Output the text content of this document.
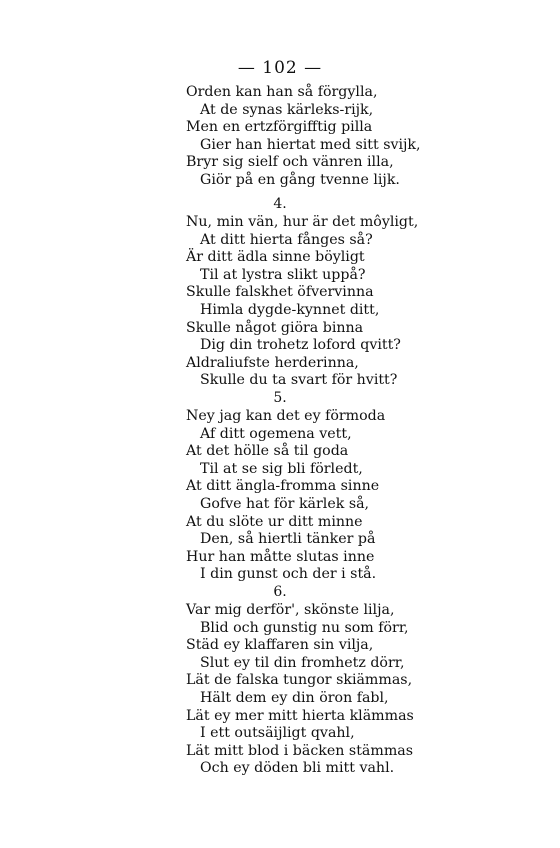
— 102 —
Orden kan han så förgylla,
At de synas kärleks-rijk,
Men en ertzförgifftig pilla
Gier han hiertat med sitt svijk,
Bryr sig sielf och vänren illa,
Giör på en gång tvenne lijk.
4.
Nu, min vän, hur är det môyligt,
At ditt hierta fånges så?
Är ditt ädla sinne böyligt
Til at lystra slikt uppå?
Skulle falskhet öfvervinna
Himla dygde-kynnet ditt,
Skulle något giöra binna
Dig din trohetz loford qvitt?
Aldraliufste herderinna,
Skulle du ta svart för hvitt?
5.
Ney jag kan det ey förmoda
Af ditt ogemena vett,
At det hölle så til goda
Til at se sig bli förledt,
At ditt ängla-fromma sinne
Gofve hat för kärlek så,
At du slöte ur ditt minne
Den, så hiertli tänker på
Hur han måtte slutas inne
I din gunst och der i stå.
6.
Var mig derför', skönste lilja,
Blid och gunstig nu som förr,
Städ ey klaffaren sin vilja,
Slut ey til din fromhetz dörr,
Lät de falska tungor skiämmas,
Hält dem ey din öron fabl,
Lät ey mer mitt hierta klämmas
I ett outsäijligt qvahl,
Lät mitt blod i bäcken stämmas
Och ey döden bli mitt vahl.
